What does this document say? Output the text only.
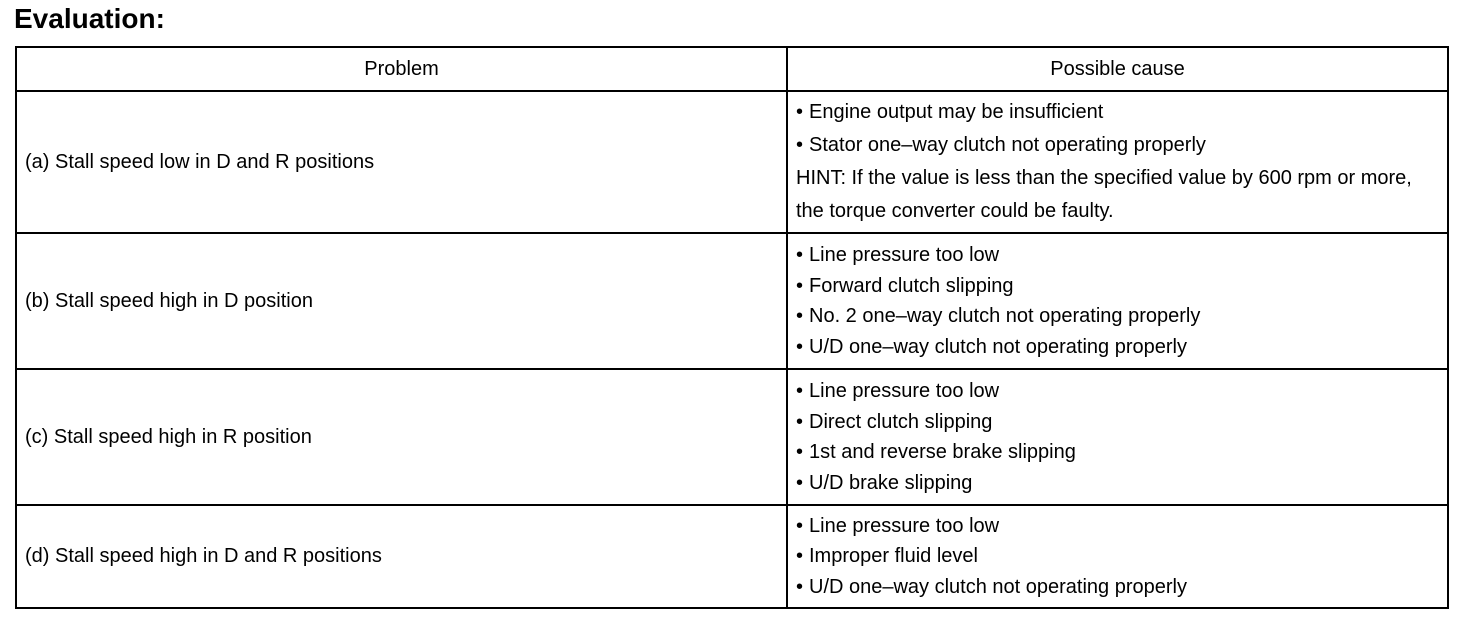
Evaluation:
Problem	Possible cause
(a) Stall speed low in D and R positions	• Engine output may be insufficient
• Stator one–way clutch not operating properly
HINT: If the value is less than the specified value by 600 rpm or more, the torque converter could be faulty.

(b) Stall speed high in D position	• Line pressure too low
• Forward clutch slipping
• No. 2 one–way clutch not operating properly
• U/D one–way clutch not operating properly

(c) Stall speed high in R position	• Line pressure too low
• Direct clutch slipping
• 1st and reverse brake slipping
• U/D brake slipping

(d) Stall speed high in D and R positions	• Line pressure too low
• Improper fluid level
• U/D one–way clutch not operating properly
